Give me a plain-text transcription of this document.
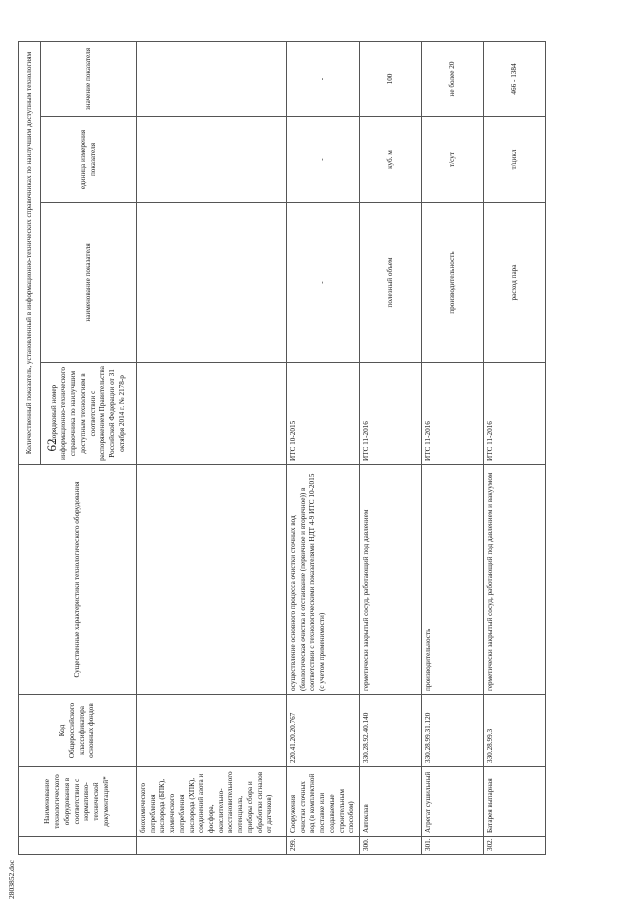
62
2803852.doc
	Наименование технологического оборудования в соответствии с нормативно-технической документацией*	Код Общероссийского классификатора основных фондов	Существенные характеристики технологического оборудования	Количественный показатель, установленный в информационно-технических справочниках по наилучшим доступным технологиям			
				порядковый номер информационно-технического справочника по наилучшим доступным технологиям в соответствии с распоряжением Правительства Российской Федерации от 31 октября 2014 г. № 2178-р	наименование показателя	единица измерения показателя	значение показателя

	биохимического потребления кислорода (БПК), химического потребления кислорода (ХПК), соединений азота и фосфора, окислительно-восстановительного потенциала, приборы сбора и обработки сигналов от датчиков)						
299.	Сооружения очистки сточных вод (в комплектной поставке или создаваемые строительным способом)	220.41.20.20.767	осуществление основного процесса очистки сточных вод (биологическая очистка и отстаивание (первичное и вторичное)) в соответствии с технологическими показателями НДТ 4-9 ИТС 10-2015 (с учетом применимости)	ИТС 10-2015	-	-	-
300.	Автоклав	330.28.92.40.140	герметически закрытый сосуд, работающий под давлением	ИТС 11-2016	полезный объем	куб. м	100
301.	Агрегат сушильный	330.28.99.31.120	производительность	ИТС 11-2016	производительность	т/сут	не более 20
302.	Батарея выпарная	330.28.99.3	герметически закрытый сосуд, работающий под давлением и вакуумом	ИТС 11-2016	расход пара	т/цикл	466 - 1384
